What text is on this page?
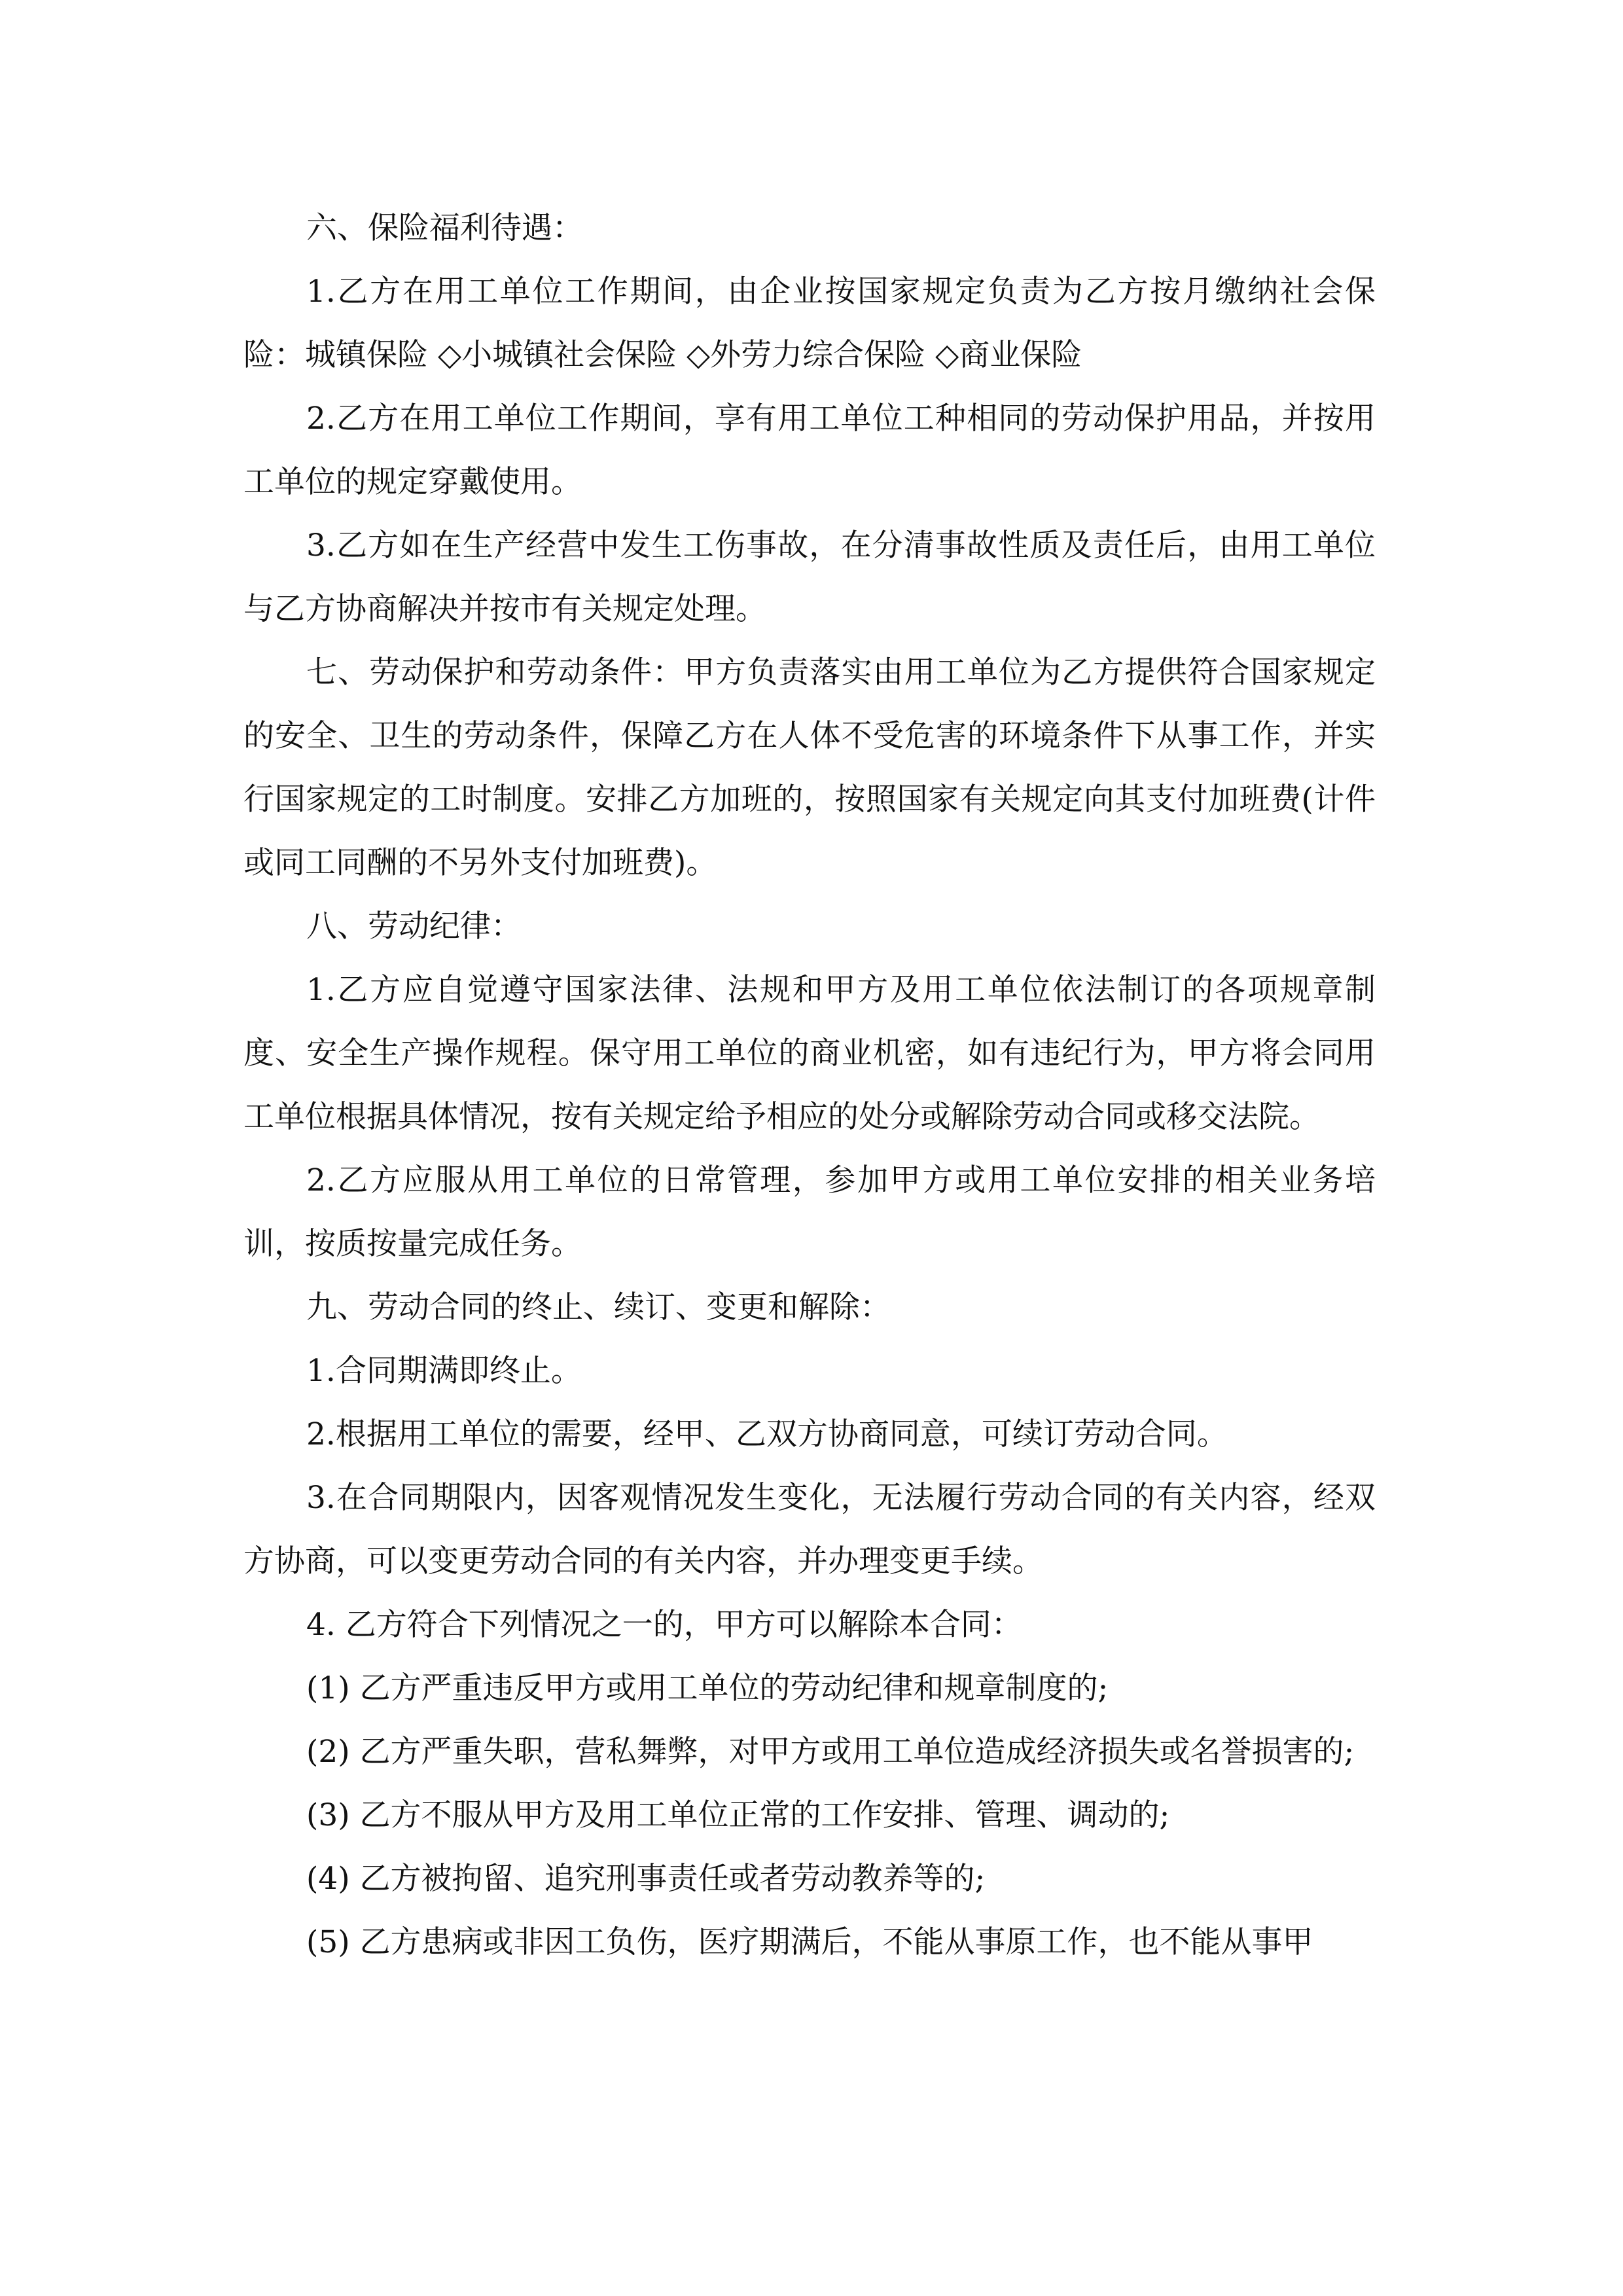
六、保险福利待遇：

1.乙方在用工单位工作期间，由企业按国家规定负责为乙方按月缴纳社会保险：城镇保险 ◇小城镇社会保险 ◇外劳力综合保险 ◇商业保险

2.乙方在用工单位工作期间，享有用工单位工种相同的劳动保护用品，并按用工单位的规定穿戴使用。

3.乙方如在生产经营中发生工伤事故，在分清事故性质及责任后，由用工单位与乙方协商解决并按市有关规定处理。

七、劳动保护和劳动条件：甲方负责落实由用工单位为乙方提供符合国家规定的安全、卫生的劳动条件，保障乙方在人体不受危害的环境条件下从事工作，并实行国家规定的工时制度。安排乙方加班的，按照国家有关规定向其支付加班费(计件或同工同酬的不另外支付加班费)。

八、劳动纪律：

1.乙方应自觉遵守国家法律、法规和甲方及用工单位依法制订的各项规章制度、安全生产操作规程。保守用工单位的商业机密，如有违纪行为，甲方将会同用工单位根据具体情况，按有关规定给予相应的处分或解除劳动合同或移交法院。

2.乙方应服从用工单位的日常管理，参加甲方或用工单位安排的相关业务培训，按质按量完成任务。

九、劳动合同的终止、续订、变更和解除：

1.合同期满即终止。

2.根据用工单位的需要，经甲、乙双方协商同意，可续订劳动合同。

3.在合同期限内，因客观情况发生变化，无法履行劳动合同的有关内容，经双方协商，可以变更劳动合同的有关内容，并办理变更手续。

4. 乙方符合下列情况之一的，甲方可以解除本合同：

(1) 乙方严重违反甲方或用工单位的劳动纪律和规章制度的;

(2) 乙方严重失职，营私舞弊，对甲方或用工单位造成经济损失或名誉损害的;

(3) 乙方不服从甲方及用工单位正常的工作安排、管理、调动的;

(4) 乙方被拘留、追究刑事责任或者劳动教养等的;

(5) 乙方患病或非因工负伤，医疗期满后，不能从事原工作，也不能从事甲
